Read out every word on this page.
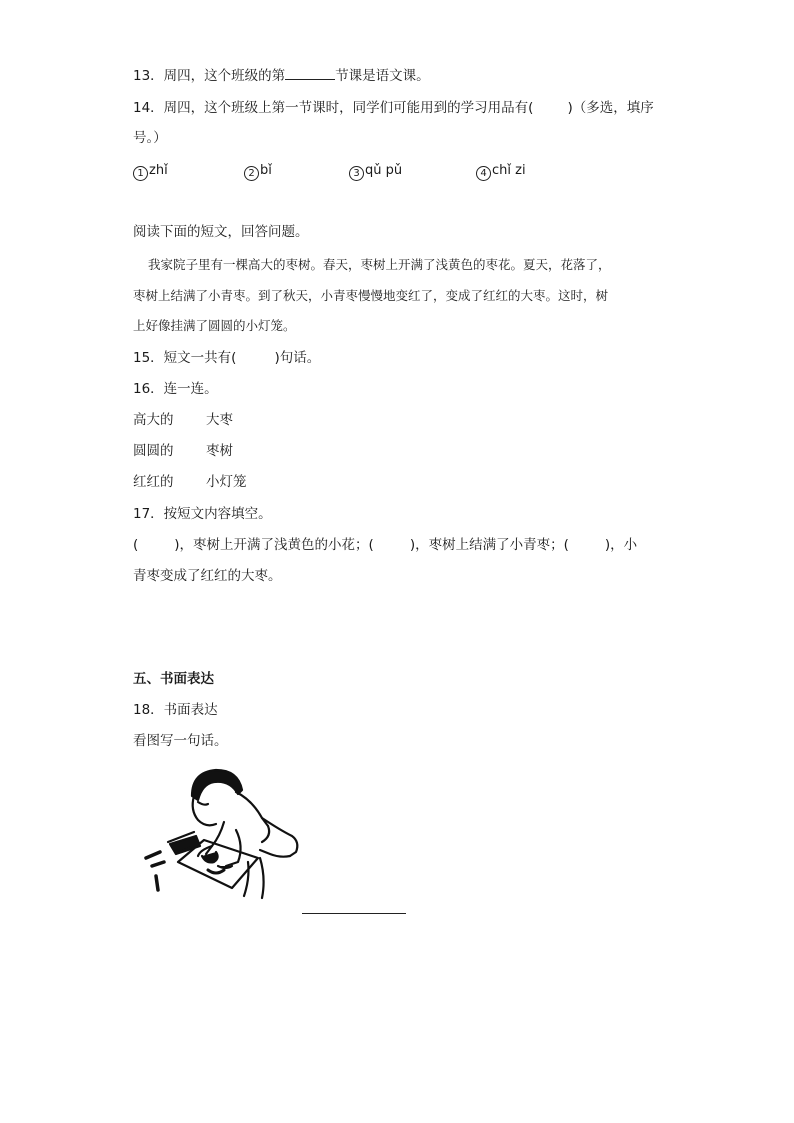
13．周四，这个班级的第	节课是语文课。
14．周四，这个班级上第一节课时，同学们可能用到的学习用品有(	)（多选，填序
号。）
1 zhǐ	2 bǐ	3 qǔ pǔ	4 chǐ zi
阅读下面的短文，回答问题。
我家院子里有一棵高大的枣树。春天，枣树上开满了浅黄色的枣花。夏天，花落了，
枣树上结满了小青枣。到了秋天，小青枣慢慢地变红了，变成了红红的大枣。这时，树
上好像挂满了圆圆的小灯笼。
15．短文一共有(	)句话。
16．连一连。
高大的 大枣
圆圆的 枣树
红红的 小灯笼
17．按短文内容填空。
(	)，枣树上开满了浅黄色的小花；(	)，枣树上结满了小青枣；(	)，小
青枣变成了红红的大枣。
五、书面表达
18．书面表达
看图写一句话。
